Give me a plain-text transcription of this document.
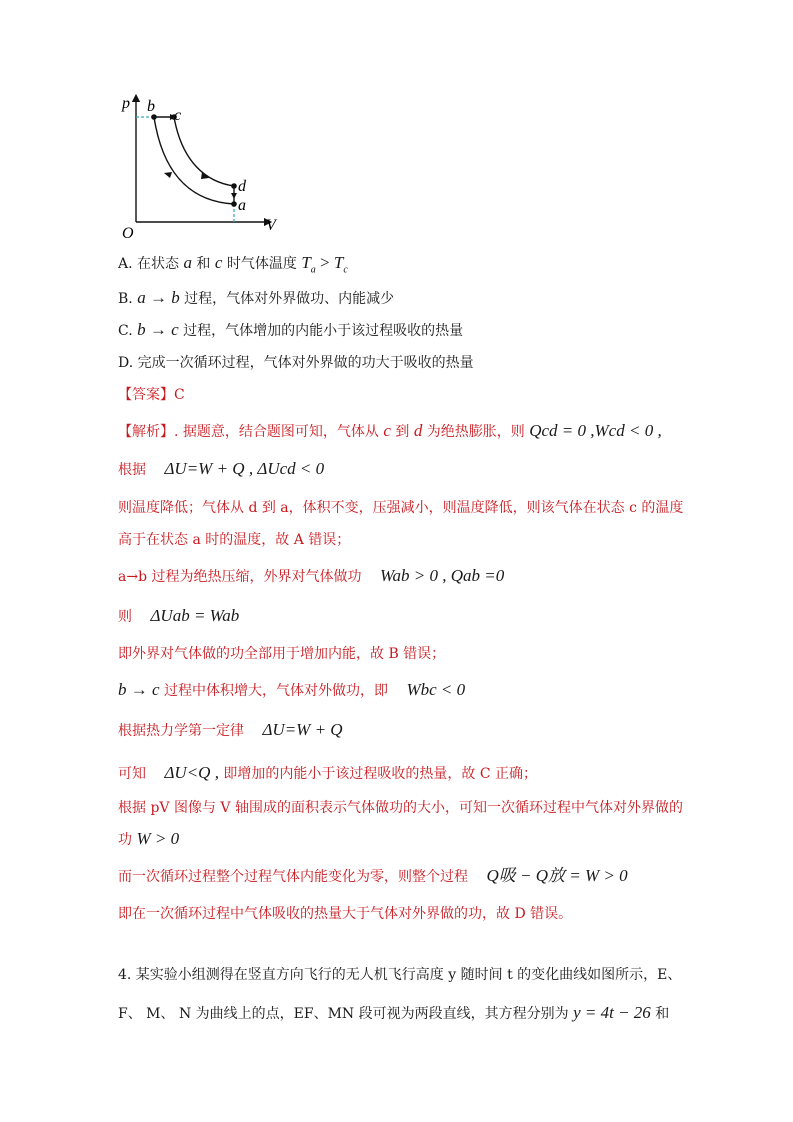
p
V
O
b
c
d
a
A. 在状态 a 和 c 时气体温度 $T_a > T_c$
B. a → b 过程，气体对外界做功、内能减少
C. b → c 过程，气体增加的内能小于该过程吸收的热量
D. 完成一次循环过程，气体对外界做的功大于吸收的热量
【答案】C
【解析】. 据题意，结合题图可知，气体从 c 到 d 为绝热膨胀，则 Qcd = 0 ,Wcd < 0 ,
根据 ΔU=W + Q , ΔUcd < 0
则温度降低；气体从 d 到 a，体积不变，压强减小，则温度降低，则该气体在状态 c 的温度
高于在状态 a 时的温度，故 A 错误；
a→b 过程为绝热压缩，外界对气体做功 Wab > 0 , Qab =0
则 ΔUab = Wab
即外界对气体做的功全部用于增加内能，故 B 错误；
b → c 过程中体积增大，气体对外做功，即 Wbc < 0
根据热力学第一定律 ΔU=W + Q
可知 ΔU<Q , 即增加的内能小于该过程吸收的热量，故 C 正确；
根据 pV 图像与 V 轴围成的面积表示气体做功的大小，可知一次循环过程中气体对外界做的
功 W > 0
而一次循环过程整个过程气体内能变化为零，则整个过程 Q吸 − Q放 = W > 0
即在一次循环过程中气体吸收的热量大于气体对外界做的功，故 D 错误。
4. 某实验小组测得在竖直方向飞行的无人机飞行高度 y 随时间 t 的变化曲线如图所示，E、
F、 M、 N 为曲线上的点，EF、MN 段可视为两段直线，其方程分别为 y = 4t − 26 和
